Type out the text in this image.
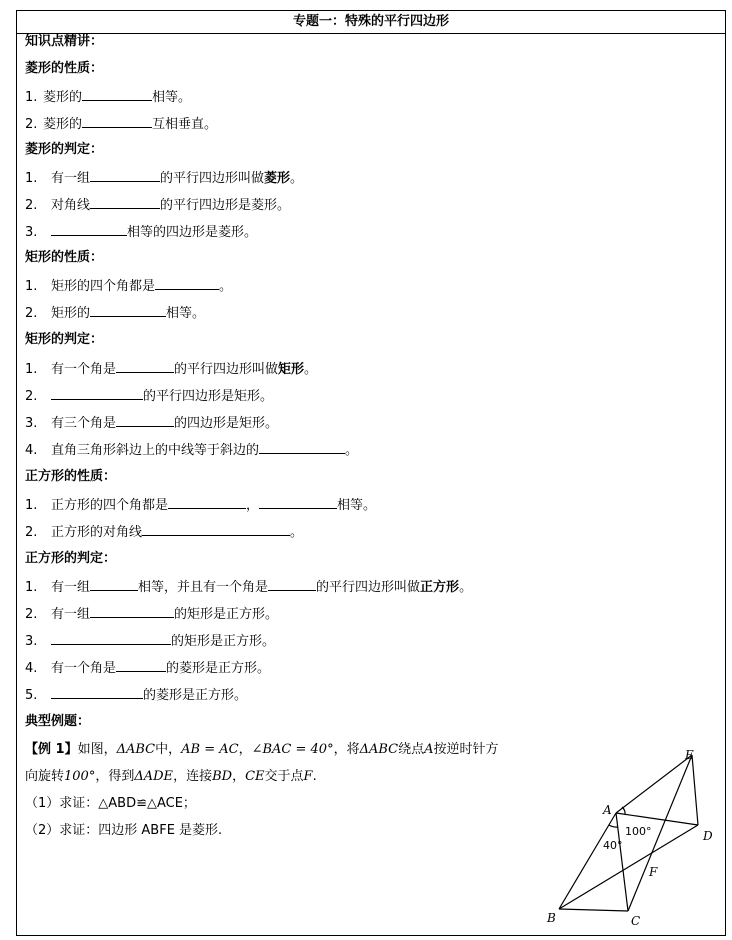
专题一：特殊的平行四边形
知识点精讲：
菱形的性质：
1. 菱形的	相等。
2. 菱形的	互相垂直。
菱形的判定：
1. 有一组	的平行四边形叫做菱形。
2. 对角线	的平行四边形是菱形。
3.	相等的四边形是菱形。
矩形的性质：
1. 矩形的四个角都是	。
2. 矩形的	相等。
矩形的判定：
1. 有一个角是	的平行四边形叫做矩形。
2.	的平行四边形是矩形。
3. 有三个角是	的四边形是矩形。
4. 直角三角形斜边上的中线等于斜边的	。
正方形的性质：
1. 正方形的四个角都是	，	相等。
2. 正方形的对角线	。
正方形的判定：
1. 有一组	相等，并且有一个角是	的平行四边形叫做正方形。
2. 有一组	的矩形是正方形。
3.	的矩形是正方形。
4. 有一个角是	的菱形是正方形。
5.	的菱形是正方形。
典型例题：
【例 1】如图，ΔABC中，AB = AC，∠BAC = 40°，将ΔABC绕点A按逆时针方
向旋转100°，得到ΔADE，连接BD，CE交于点F.
（1）求证：△ABD≌△ACE；
（2）求证：四边形 ABFE 是菱形.
A
B	C
D
E
F
40°
100°
